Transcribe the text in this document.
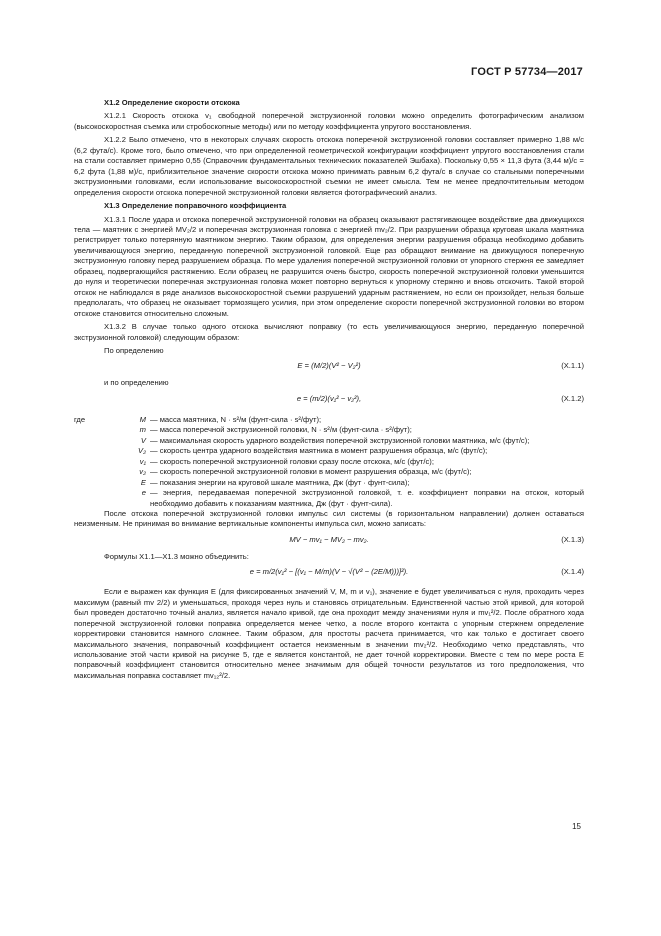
ГОСТ Р 57734—2017

Х1.2 Определение скорости отскока

Х1.2.1 Скорость отскока v₁ свободной поперечной экструзионной головки можно определить фотографическим анализом (высокоскоростная съемка или стробоскопные методы) или по методу коэффициента упругого восстановления.

Х1.2.2 Было отмечено, что в некоторых случаях скорость отскока поперечной экструзионной головки составляет примерно 1,88 м/с (6,2 фута/с). Кроме того, было отмечено, что при определенной геометрической конфигурации коэффициент упругого восстановления стали на стали составляет примерно 0,55 (Справочник фундаментальных технических показателей Эшбаха). Поскольку 0,55 × 11,3 фута (3,44 м)/с = 6,2 фута (1,88 м)/с, приблизительное значение скорости отскока можно принимать равным 6,2 фута/с в случае со стальными поперечными экструзионными головками, если использование высокоскоростной съемки не имеет смысла. Тем не менее предпочтительным методом определения скорости отскока поперечной экструзионной головки является фотографический анализ.

Х1.3 Определение поправочного коэффициента

Х1.3.1 После удара и отскока поперечной экструзионной головки на образец оказывают растягивающее воздействие два движущихся тела — маятник с энергией MV₂/2 и поперечная экструзионная головка с энергией mv₂/2. При разрушении образца круговая шкала маятника регистрирует только потерянную маятником энергию. Таким образом, для определения энергии разрушения образца необходимо добавить увеличивающуюся энергию, переданную поперечной экструзионной головкой. Еще раз обращают внимание на движущуюся поперечную экструзионную головку перед разрушением образца. По мере удаления поперечной экструзионной головки от упорного стержня ее замедляет образец, подвергающийся растяжению. Если образец не разрушится очень быстро, скорость поперечной экструзионной головки уменьшится до нуля и теоретически поперечная экструзионная головка может повторно вернуться к упорному стержню и вновь отскочить. Такой второй отскок не наблюдался в ряде анализов высокоскоростной съемки разрушений ударным растяжением, но если он произойдет, нельзя больше предполагать, что образец не оказывает тормозящего усилия, при этом определение скорости поперечной экструзионной головки во втором отскоке становится относительно сложным.

Х1.3.2 В случае только одного отскока вычисляют поправку (то есть увеличивающуюся энергию, переданную поперечной экструзионной головкой) следующим образом:

По определению

E = (M/2)(V² − V₂²)	(X.1.1)

и по определению

e = (m/2)(v₁² − v₂²),	(X.1.2)
где	M — масса маятника, N · s²/м (фунт-сила · s²/фут);
m — масса поперечной экструзионной головки, N · s²/м (фунт-сила · s²/фут);
V — максимальная скорость ударного воздействия поперечной экструзионной головки маятника, м/с (фут/с);
V₂ — скорость центра ударного воздействия маятника в момент разрушения образца, м/с (фут/с);
v₁ — скорость поперечной экструзионной головки сразу после отскока, м/с (фут/с);
v₂ — скорость поперечной экструзионной головки в момент разрушения образца, м/с (фут/с);
E — показания энергии на круговой шкале маятника, Дж (фут · фунт-сила);
e — энергия, передаваемая поперечной экструзионной головкой, т. е. коэффициент поправки на отскок, который необходимо добавить к показаниям маятника, Дж (фут · фунт-сила).

После отскока поперечной экструзионной головки импульс сил системы (в горизонтальном направлении) должен оставаться неизменным. Не принимая во внимание вертикальные компоненты импульса сил, можно записать:

MV − mv₁ − MV₂ − mv₂.	(X.1.3)

Формулы Х1.1—Х1.3 можно объединить:

e = m/2(v₁² − [(v₁ − M/m)(V − √(V² − (2E/M)))]²).	(X.1.4)

Если e выражен как функция E (для фиксированных значений V, M, m и v₁), значение e будет увеличиваться с нуля, проходить через максимум (равный mv 2/2) и уменьшаться, проходя через нуль и становясь отрицательным. Единственной частью этой кривой, для которой был проведен достаточно точный анализ, является начало кривой, где она проходит между значениями нуля и mv₁²/2. После обратного хода поперечной экструзионной головки поправка определяется менее четко, а после второго контакта с упорным стержнем определение корректировки становится намного сложнее. Таким образом, для простоты расчета принимается, что как только e достигает своего максимального значения, поправочный коэффициент остается неизменным в значении mv₂²/2. Необходимо четко представлять, что использование этой части кривой на рисунке 5, где e является константой, не дает точной корректировки. Вместе с тем по мере роста E поправочный коэффициент становится относительно менее значимым для общей точности результатов из того предположения, что максимальная поправка составляет mv₁₂²/2.

15
